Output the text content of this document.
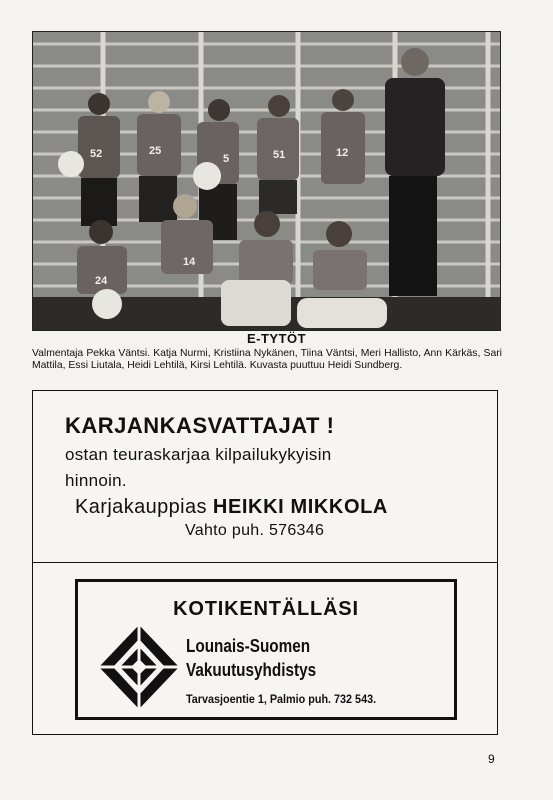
52	25
5	51	12
24
14
E-TYTÖT
Valmentaja Pekka Väntsi. Katja Nurmi, Kristiina Nykänen, Tiina Väntsi, Meri Hallisto, Ann Kärkäs, Sari Mattila, Essi Liutala, Heidi Lehtilä, Kirsi Lehtilä. Kuvasta puuttuu Heidi Sundberg.
KARJANKASVATTAJAT !
ostan teuraskarjaa kilpailukykyisin
hinnoin.
Karjakauppias HEIKKI MIKKOLA
Vahto puh. 576346
KOTIKENTÄLLÄSI
Lounais-Suomen
Vakuutusyhdistys
Tarvasjoentie 1, Palmio puh. 732 543.
9
